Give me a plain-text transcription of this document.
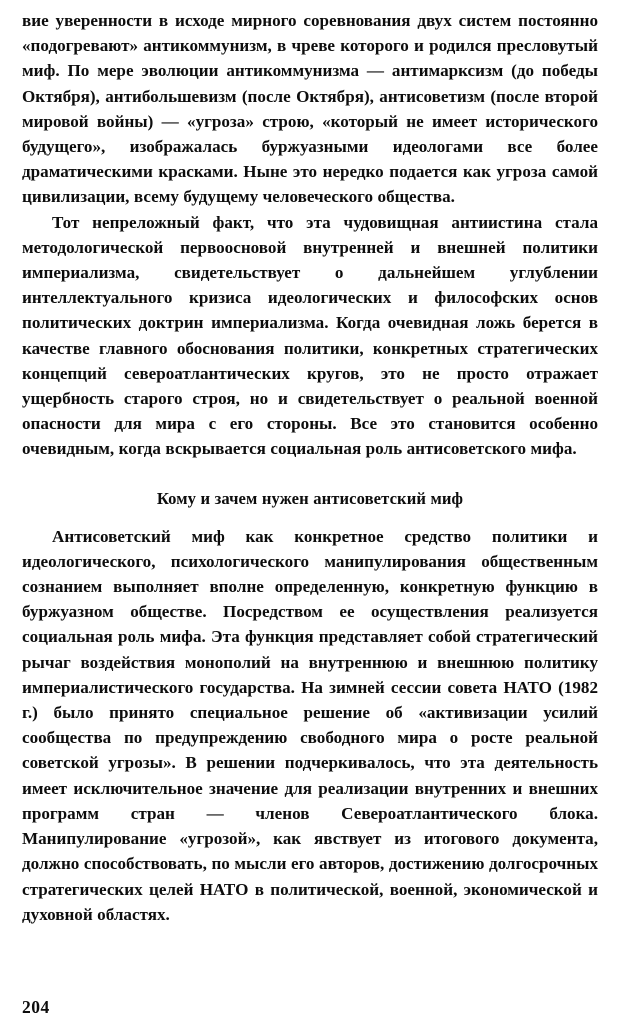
вие уверенности в исходе мирного соревнования двух систем постоянно «подогревают» антикоммунизм, в чреве которого и родился пресловутый миф. По мере эволюции антикоммунизма — антимарксизм (до победы Октября), антибольшевизм (после Октября), антисоветизм (после второй мировой войны) — «угроза» строю, «который не имеет исторического будущего», изображалась буржуазными идеологами все более драматическими красками. Ныне это нередко подается как угроза самой цивилизации, всему будущему человеческого общества.

Тот непреложный факт, что эта чудовищная антиистина стала методологической первоосновой внутренней и внешней политики империализма, свидетельствует о дальнейшем углублении интеллектуального кризиса идеологических и философских основ политических доктрин империализма. Когда очевидная ложь берется в качестве главного обоснования политики, конкретных стратегических концепций североатлантических кругов, это не просто отражает ущербность старого строя, но и свидетельствует о реальной военной опасности для мира с его стороны. Все это становится особенно очевидным, когда вскрывается социальная роль антисоветского мифа.

Кому и зачем нужен антисоветский миф

Антисоветский миф как конкретное средство политики и идеологического, психологического манипулирования общественным сознанием выполняет вполне определенную, конкретную функцию в буржуазном обществе. Посредством ее осуществления реализуется социальная роль мифа. Эта функция представляет собой стратегический рычаг воздействия монополий на внутреннюю и внешнюю политику империалистического государства. На зимней сессии совета НАТО (1982 г.) было принято специальное решение об «активизации усилий сообщества по предупреждению свободного мира о росте реальной советской угрозы». В решении подчеркивалось, что эта деятельность имеет исключительное значение для реализации внутренних и внешних программ стран — членов Североатлантического блока. Манипулирование «угрозой», как явствует из итогового документа, должно способствовать, по мысли его авторов, достижению долгосрочных стратегических целей НАТО в политической, военной, экономической и духовной областях.

204
